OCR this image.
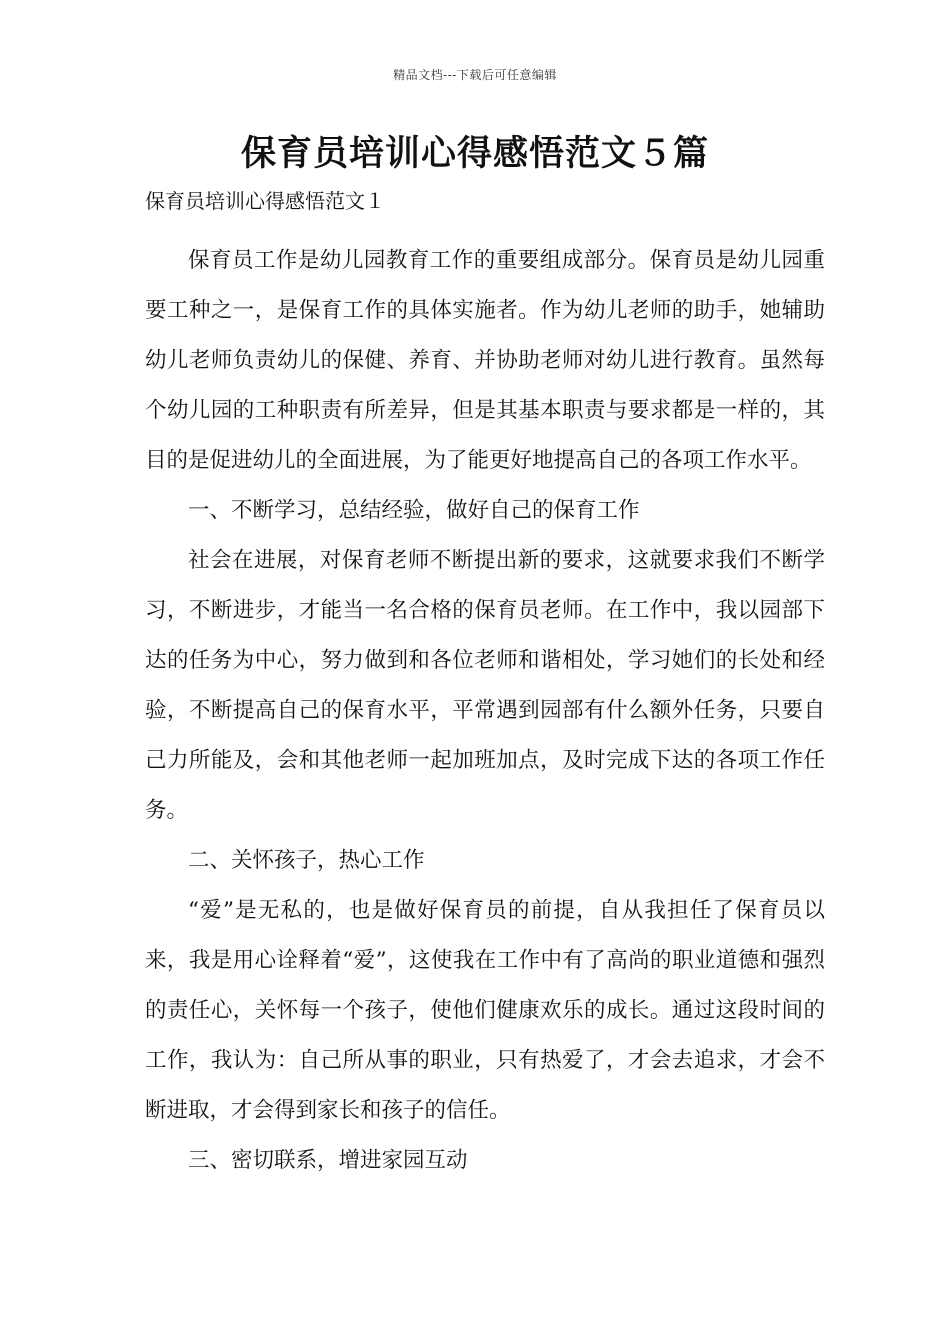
精品文档---下载后可任意编辑
保育员培训心得感悟范文５篇

保育员培训心得感悟范文１

保育员工作是幼儿园教育工作的重要组成部分。保育员是幼儿园重要工种之一，是保育工作的具体实施者。作为幼儿老师的助手，她辅助幼儿老师负责幼儿的保健、养育、并协助老师对幼儿进行教育。虽然每个幼儿园的工种职责有所差异，但是其基本职责与要求都是一样的，其目的是促进幼儿的全面进展，为了能更好地提高自己的各项工作水平。

一、不断学习，总结经验，做好自己的保育工作

社会在进展，对保育老师不断提出新的要求，这就要求我们不断学习，不断进步，才能当一名合格的保育员老师。在工作中，我以园部下达的任务为中心，努力做到和各位老师和谐相处，学习她们的长处和经验，不断提高自己的保育水平，平常遇到园部有什么额外任务，只要自己力所能及，会和其他老师一起加班加点，及时完成下达的各项工作任务。

二、关怀孩子，热心工作

“爱”是无私的，也是做好保育员的前提，自从我担任了保育员以来，我是用心诠释着“爱”，这使我在工作中有了高尚的职业道德和强烈的责任心，关怀每一个孩子，使他们健康欢乐的成长。通过这段时间的工作，我认为：自己所从事的职业，只有热爱了，才会去追求，才会不断进取，才会得到家长和孩子的信任。

三、密切联系，增进家园互动
